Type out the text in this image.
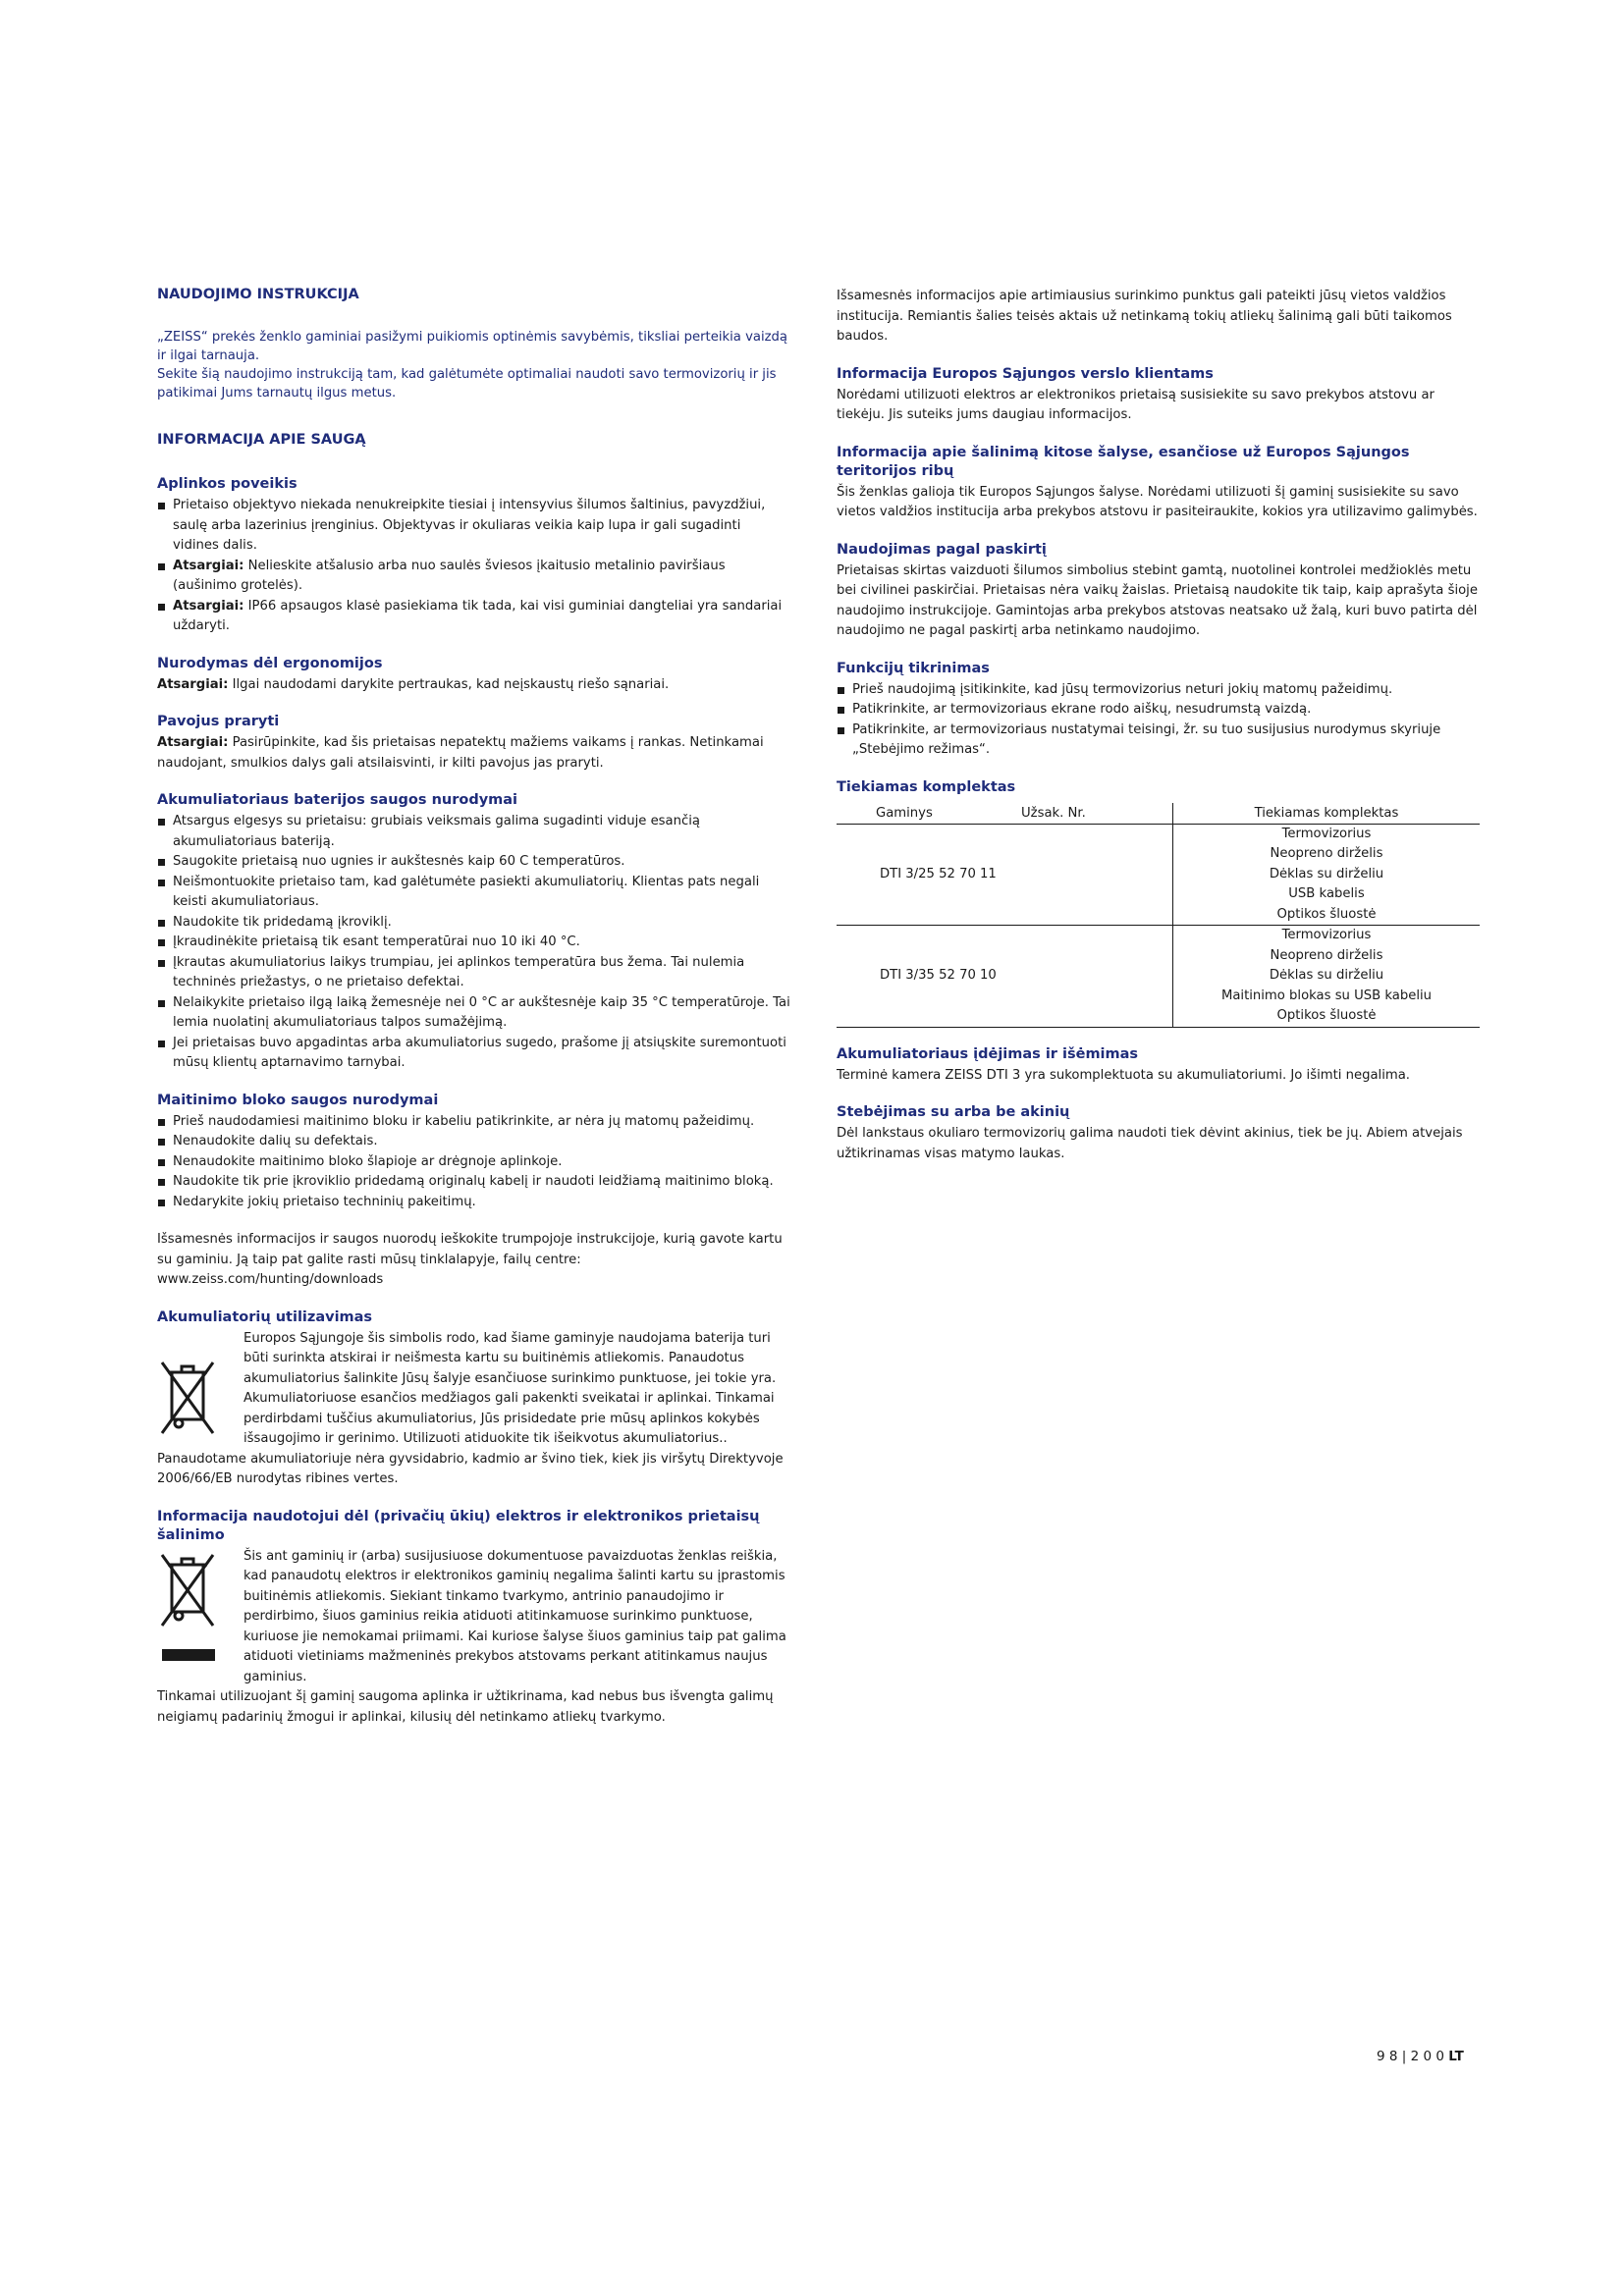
NAUDOJIMO INSTRUKCIJA

„ZEISS“ prekės ženklo gaminiai pasižymi puikiomis optinėmis savybėmis, tiksliai perteikia vaizdą ir ilgai tarnauja.

Sekite šią naudojimo instrukciją tam, kad galėtumėte optimaliai naudoti savo termovizorių ir jis patikimai Jums tarnautų ilgus metus.

INFORMACIJA APIE SAUGĄ
Aplinkos poveikis
Prietaiso objektyvo niekada nenukreipkite tiesiai į intensyvius šilumos šaltinius, pavyzdžiui, saulę arba lazerinius įrenginius. Objektyvas ir okuliaras veikia kaip lupa ir gali sugadinti vidines dalis.
Atsargiai: Nelieskite atšalusio arba nuo saulės šviesos įkaitusio metalinio paviršiaus (aušinimo grotelės).
Atsargiai: IP66 apsaugos klasė pasiekiama tik tada, kai visi guminiai dangteliai yra sandariai uždaryti.
Nurodymas dėl ergonomijos

Atsargiai: Ilgai naudodami darykite pertraukas, kad neįskaustų riešo sąnariai.

Pavojus praryti

Atsargiai: Pasirūpinkite, kad šis prietaisas nepatektų mažiems vaikams į rankas. Netinkamai naudojant, smulkios dalys gali atsilaisvinti, ir kilti pavojus jas praryti.

Akumuliatoriaus baterijos saugos nurodymai
Atsargus elgesys su prietaisu: grubiais veiksmais galima sugadinti viduje esančią akumuliatoriaus bateriją.
Saugokite prietaisą nuo ugnies ir aukštesnės kaip 60 C temperatūros.
Neišmontuokite prietaiso tam, kad galėtumėte pasiekti akumuliatorių. Klientas pats negali keisti akumuliatoriaus.
Naudokite tik pridedamą įkroviklį.
Įkraudinėkite prietaisą tik esant temperatūrai nuo 10 iki 40 °C.
Įkrautas akumuliatorius laikys trumpiau, jei aplinkos temperatūra bus žema. Tai nulemia techninės priežastys, o ne prietaiso defektai.
Nelaikykite prietaiso ilgą laiką žemesnėje nei 0 °C ar aukštesnėje kaip 35 °C temperatūroje. Tai lemia nuolatinį akumuliatoriaus talpos sumažėjimą.
Jei prietaisas buvo apgadintas arba akumuliatorius sugedo, prašome jį atsiųskite suremontuoti mūsų klientų aptarnavimo tarnybai.
Maitinimo bloko saugos nurodymai
Prieš naudodamiesi maitinimo bloku ir kabeliu patikrinkite, ar nėra jų matomų pažeidimų.
Nenaudokite dalių su defektais.
Nenaudokite maitinimo bloko šlapioje ar drėgnoje aplinkoje.
Naudokite tik prie įkroviklio pridedamą originalų kabelį ir naudoti leidžiamą maitinimo bloką.
Nedarykite jokių prietaiso techninių pakeitimų.

Išsamesnės informacijos ir saugos nuorodų ieškokite trumpojoje instrukcijoje, kurią gavote kartu su gaminiu. Ją taip pat galite rasti mūsų tinklalapyje, failų centre: www.zeiss.com/hunting/downloads

Akumuliatorių utilizavimas

Europos Sąjungoje šis simbolis rodo, kad šiame gaminyje naudojama baterija turi būti surinkta atskirai ir neišmesta kartu su buitinėmis atliekomis. Panaudotus akumuliatorius šalinkite Jūsų šalyje esančiuose surinkimo punktuose, jei tokie yra. Akumuliatoriuose esančios medžiagos gali pakenkti sveikatai ir aplinkai. Tinkamai perdirbdami tuščius akumuliatorius, Jūs prisidedate prie mūsų aplinkos kokybės išsaugojimo ir gerinimo. Utilizuoti atiduokite tik išeikvotus akumuliatorius..

Panaudotame akumuliatoriuje nėra gyvsidabrio, kadmio ar švino tiek, kiek jis viršytų Direktyvoje 2006/66/EB nurodytas ribines vertes.

Informacija naudotojui dėl (privačių ūkių) elektros ir elektronikos prietaisų šalinimo

Šis ant gaminių ir (arba) susijusiuose dokumentuose pavaizduotas ženklas reiškia, kad panaudotų elektros ir elektronikos gaminių negalima šalinti kartu su įprastomis buitinėmis atliekomis. Siekiant tinkamo tvarkymo, antrinio panaudojimo ir perdirbimo, šiuos gaminius reikia atiduoti atitinkamuose surinkimo punktuose, kuriuose jie nemokamai priimami. Kai kuriose šalyse šiuos gaminius taip pat galima atiduoti vietiniams mažmeninės prekybos atstovams perkant atitinkamus naujus gaminius.

Tinkamai utilizuojant šį gaminį saugoma aplinka ir užtikrinama, kad nebus bus išvengta galimų neigiamų padarinių žmogui ir aplinkai, kilusių dėl netinkamo atliekų tvarkymo.

Išsamesnės informacijos apie artimiausius surinkimo punktus gali pateikti jūsų vietos valdžios institucija. Remiantis šalies teisės aktais už netinkamą tokių atliekų šalinimą gali būti taikomos baudos.

Informacija Europos Sąjungos verslo klientams

Norėdami utilizuoti elektros ar elektronikos prietaisą susisiekite su savo prekybos atstovu ar tiekėju. Jis suteiks jums daugiau informacijos.

Informacija apie šalinimą kitose šalyse, esančiose už Europos Sąjungos teritorijos ribų

Šis ženklas galioja tik Europos Sąjungos šalyse. Norėdami utilizuoti šį gaminį susisiekite su savo vietos valdžios institucija arba prekybos atstovu ir pasiteiraukite, kokios yra utilizavimo galimybės.

Naudojimas pagal paskirtį

Prietaisas skirtas vaizduoti šilumos simbolius stebint gamtą, nuotolinei kontrolei medžioklės metu bei civilinei paskirčiai. Prietaisas nėra vaikų žaislas. Prietaisą naudokite tik taip, kaip aprašyta šioje naudojimo instrukcijoje. Gamintojas arba prekybos atstovas neatsako už žalą, kuri buvo patirta dėl naudojimo ne pagal paskirtį arba netinkamo naudojimo.

Funkcijų tikrinimas
Prieš naudojimą įsitikinkite, kad jūsų termovizorius neturi jokių matomų pažeidimų.
Patikrinkite, ar termovizoriaus ekrane rodo aiškų, nesudrumstą vaizdą.
Patikrinkite, ar termovizoriaus nustatymai teisingi, žr. su tuo susijusius nurodymus skyriuje „Stebėjimo režimas“.
Tiekiamas komplektas
Gaminys	Užsak. Nr.	Tiekiamas komplektas
DTI 3/25 52 70 11		Termovizorius
Neopreno dirželis
Dėklas su dirželiu
USB kabelis
Optikos šluostė

DTI 3/35 52 70 10		Termovizorius
Neopreno dirželis
Dėklas su dirželiu
Maitinimo blokas su USB kabeliu
Optikos šluostė
Akumuliatoriaus įdėjimas ir išėmimas

Terminė kamera ZEISS DTI 3 yra sukomplektuota su akumuliatoriumi. Jo išimti negalima.

Stebėjimas su arba be akinių

Dėl lankstaus okuliaro termovizorių galima naudoti tiek dėvint akinius, tiek be jų. Abiem atvejais užtikrinamas visas matymo laukas.

9 8 | 2 0 0 LT
